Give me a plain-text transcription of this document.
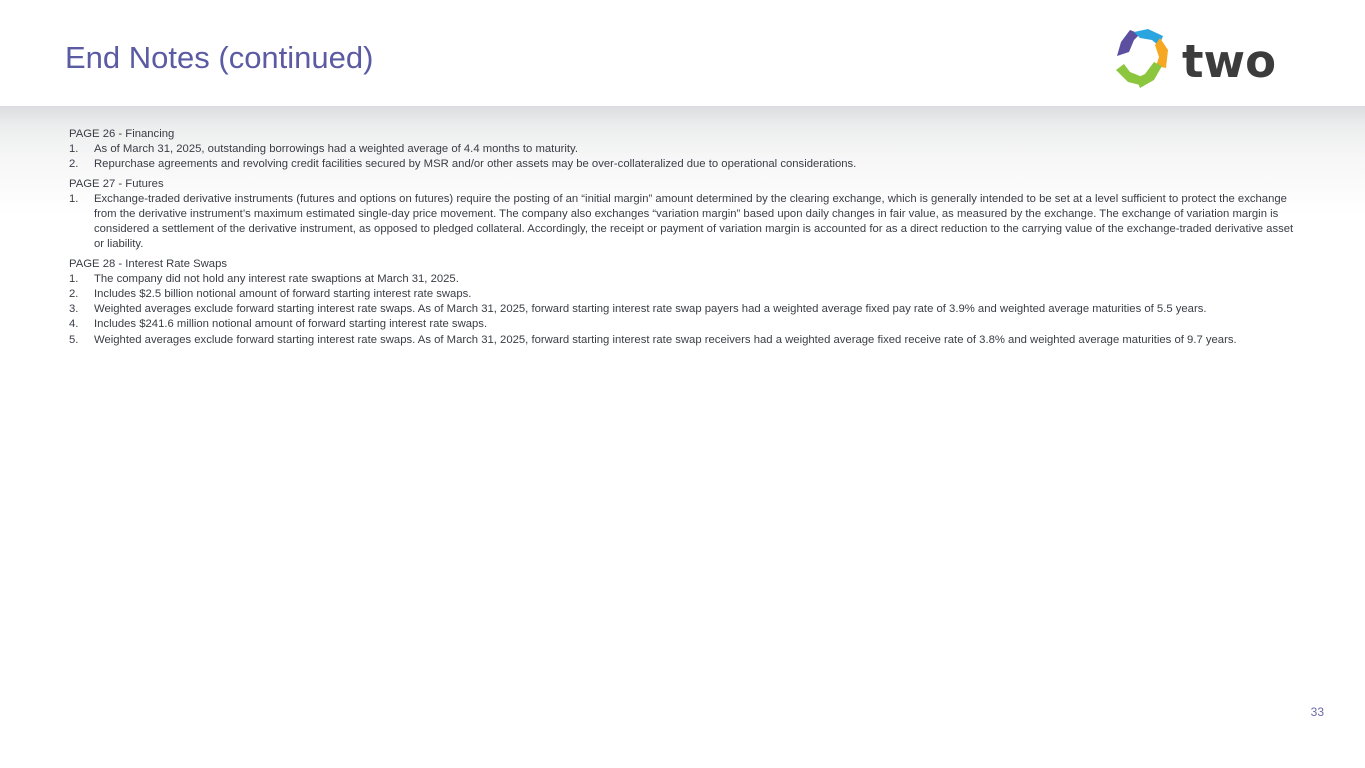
End Notes (continued)	two
PAGE 26 - Financing
1. As of March 31, 2025, outstanding borrowings had a weighted average of 4.4 months to maturity.
2. Repurchase agreements and revolving credit facilities secured by MSR and/or other assets may be over-collateralized due to operational considerations.
PAGE 27 - Futures
1. Exchange-traded derivative instruments (futures and options on futures) require the posting of an “initial margin” amount determined by the clearing exchange, which is generally intended to be set at a level sufficient to protect the exchange from the derivative instrument’s maximum estimated single-day price movement. The company also exchanges “variation margin” based upon daily changes in fair value, as measured by the exchange. The exchange of variation margin is considered a settlement of the derivative instrument, as opposed to pledged collateral. Accordingly, the receipt or payment of variation margin is accounted for as a direct reduction to the carrying value of the exchange-traded derivative asset or liability.
PAGE 28 - Interest Rate Swaps
1. The company did not hold any interest rate swaptions at March 31, 2025.
2. Includes $2.5 billion notional amount of forward starting interest rate swaps.
3. Weighted averages exclude forward starting interest rate swaps. As of March 31, 2025, forward starting interest rate swap payers had a weighted average fixed pay rate of 3.9% and weighted average maturities of 5.5 years.
4. Includes $241.6 million notional amount of forward starting interest rate swaps.
5. Weighted averages exclude forward starting interest rate swaps. As of March 31, 2025, forward starting interest rate swap receivers had a weighted average fixed receive rate of 3.8% and weighted average maturities of 9.7 years.
33
